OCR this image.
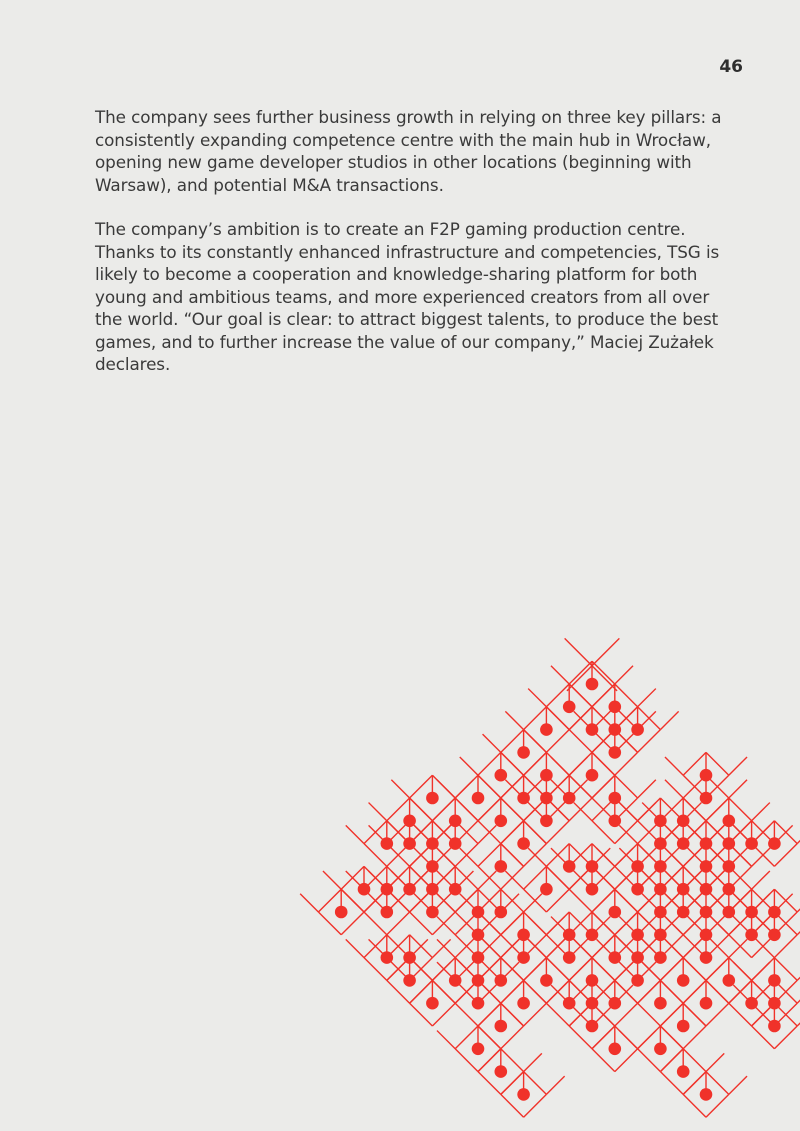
46

The company sees further business growth in relying on three key pillars: a consistently expanding competence centre with the main hub in Wrocław, opening new game developer studios in other locations (beginning with Warsaw), and potential M&A transactions.

The company’s ambition is to create an F2P gaming production centre. Thanks to its constantly enhanced infrastructure and competencies, TSG is likely to become a cooperation and knowledge-sharing platform for both young and ambitious teams, and more experienced creators from all over the world. “Our goal is clear: to attract biggest talents, to produce the best games, and to further increase the value of our company,” Maciej Zużałek declares.
